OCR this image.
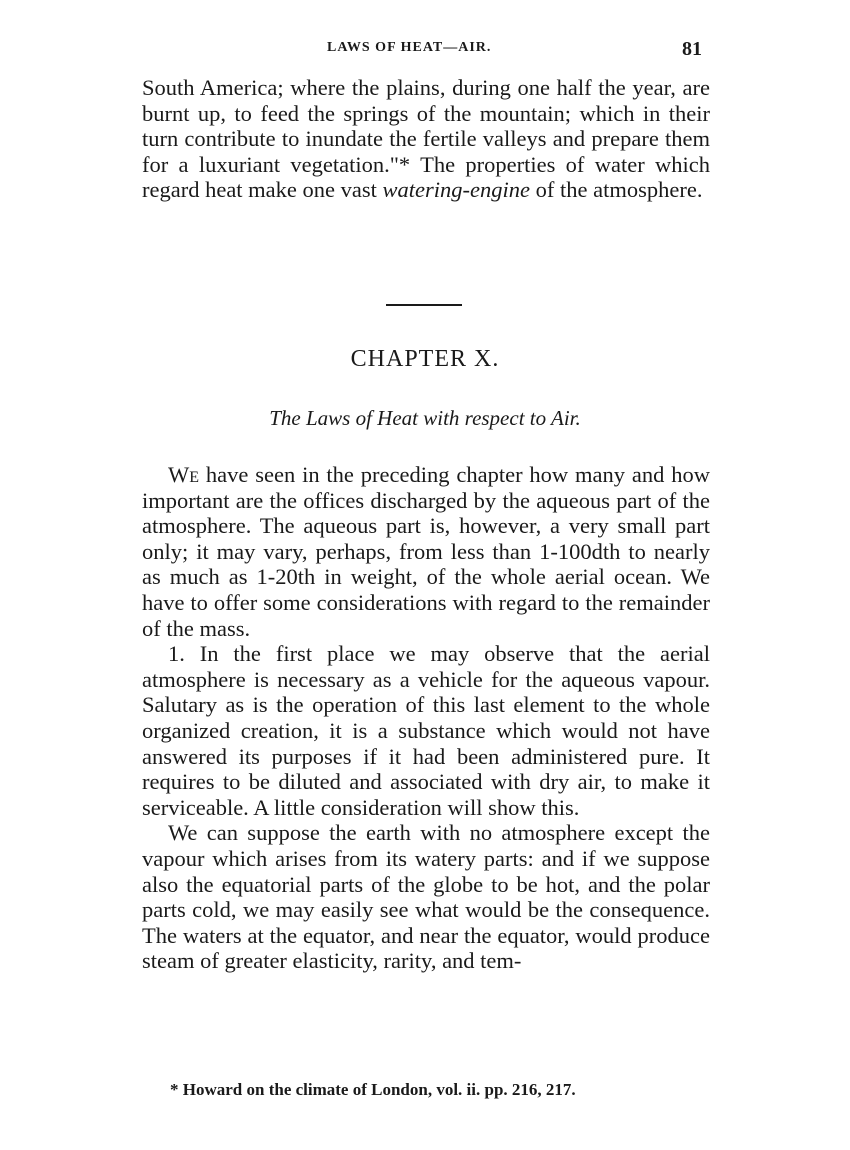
LAWS OF HEAT—AIR.	81

South America; where the plains, during one half the year, are burnt up, to feed the springs of the mountain; which in their turn contribute to inundate the fertile valleys and prepare them for a luxuriant vegetation."* The properties of water which regard heat make one vast watering-engine of the atmosphere.

CHAPTER X.
The Laws of Heat with respect to Air.

We have seen in the preceding chapter how many and how important are the offices discharged by the aqueous part of the atmosphere. The aqueous part is, however, a very small part only; it may vary, perhaps, from less than 1-100dth to nearly as much as 1-20th in weight, of the whole aerial ocean. We have to offer some considerations with regard to the remainder of the mass.

1. In the first place we may observe that the aerial atmosphere is necessary as a vehicle for the aqueous vapour. Salutary as is the operation of this last element to the whole organized creation, it is a substance which would not have answered its purposes if it had been administered pure. It requires to be diluted and associated with dry air, to make it serviceable. A little consideration will show this.

We can suppose the earth with no atmosphere except the vapour which arises from its watery parts: and if we suppose also the equatorial parts of the globe to be hot, and the polar parts cold, we may easily see what would be the consequence. The waters at the equator, and near the equator, would produce steam of greater elasticity, rarity, and tem-

* Howard on the climate of London, vol. ii. pp. 216, 217.
